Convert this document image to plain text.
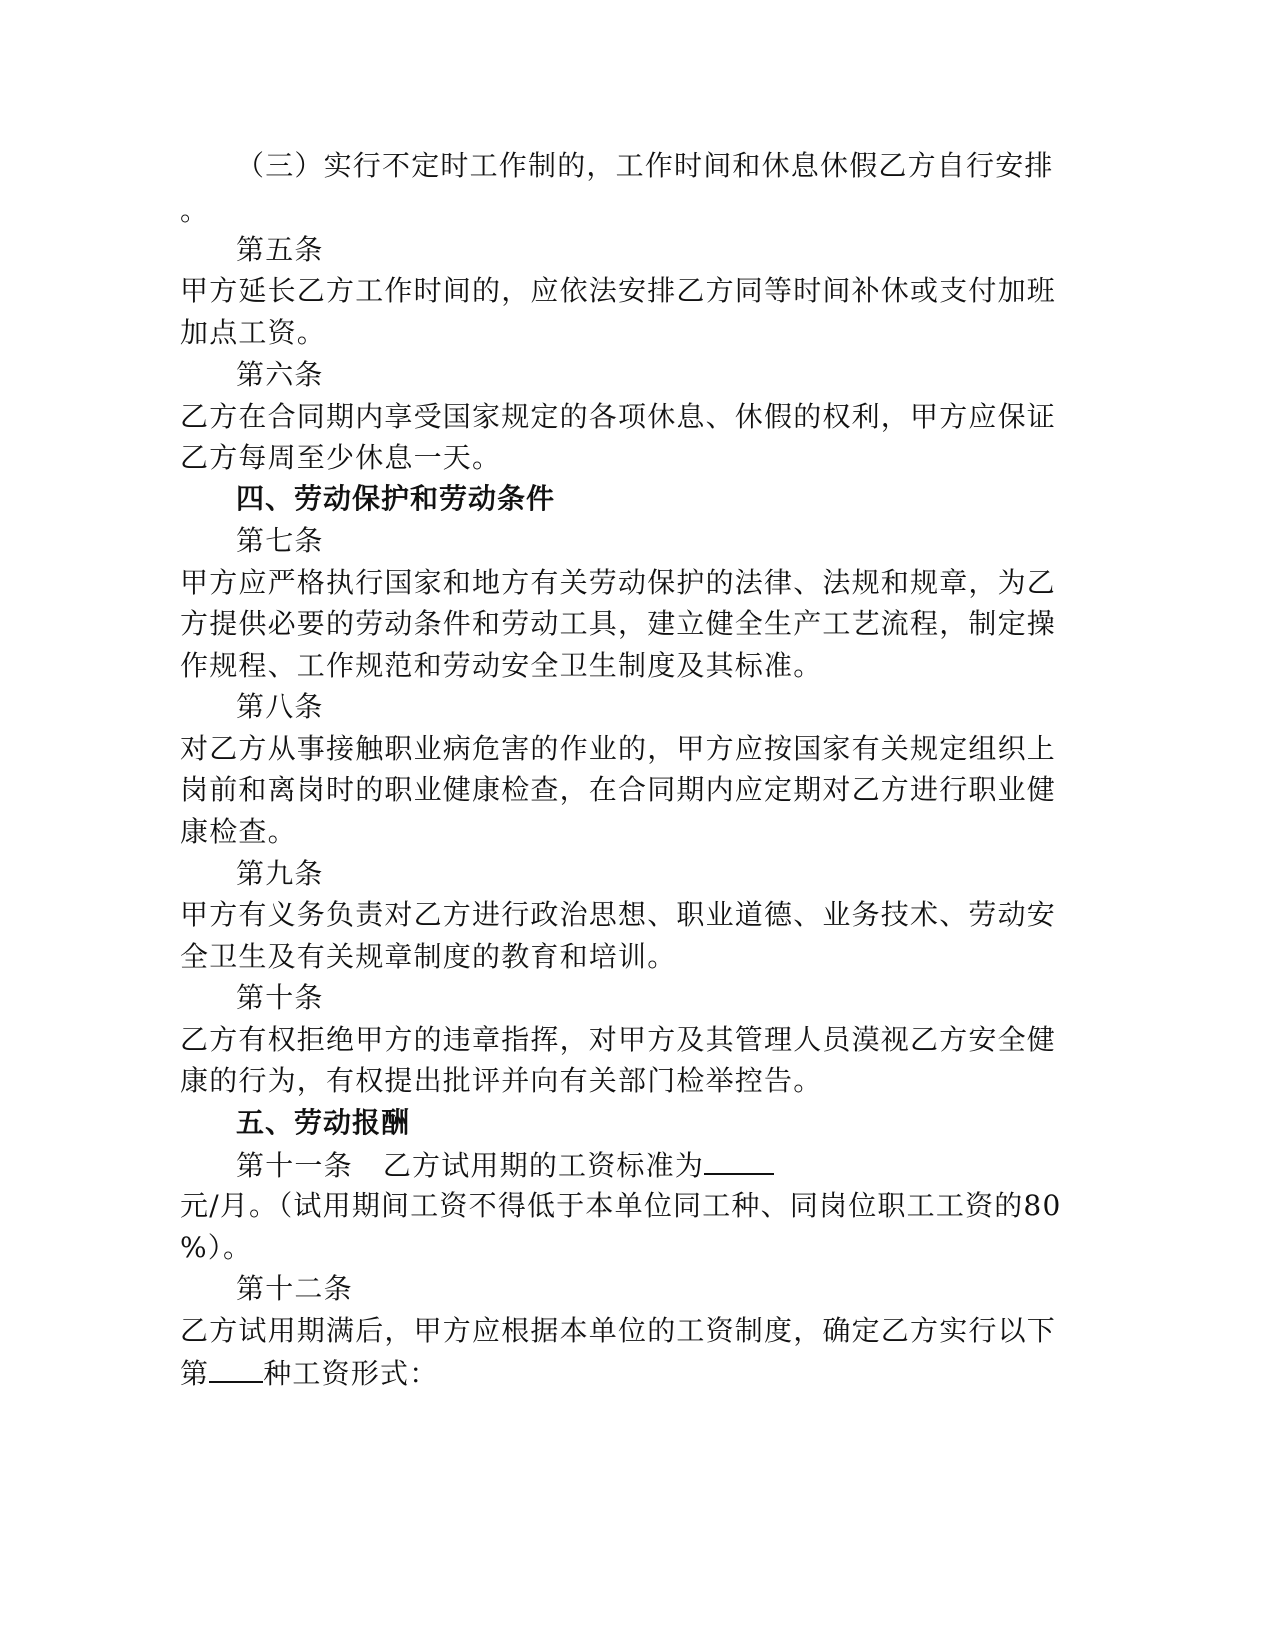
（三）实行不定时工作制的，工作时间和休息休假乙方自行安排
。
第五条
甲方延长乙方工作时间的，应依法安排乙方同等时间补休或支付加班
加点工资。
第六条
乙方在合同期内享受国家规定的各项休息、休假的权利，甲方应保证
乙方每周至少休息一天。
四、劳动保护和劳动条件
第七条
甲方应严格执行国家和地方有关劳动保护的法律、法规和规章，为乙
方提供必要的劳动条件和劳动工具，建立健全生产工艺流程，制定操
作规程、工作规范和劳动安全卫生制度及其标准。
第八条
对乙方从事接触职业病危害的作业的，甲方应按国家有关规定组织上
岗前和离岗时的职业健康检查，在合同期内应定期对乙方进行职业健
康检查。
第九条
甲方有义务负责对乙方进行政治思想、职业道德、业务技术、劳动安
全卫生及有关规章制度的教育和培训。
第十条
乙方有权拒绝甲方的违章指挥，对甲方及其管理人员漠视乙方安全健
康的行为，有权提出批评并向有关部门检举控告。
五、劳动报酬
第十一条 乙方试用期的工资标准为
元/月。（试用期间工资不得低于本单位同工种、同岗位职工工资的80
%）。
第十二条
乙方试用期满后，甲方应根据本单位的工资制度，确定乙方实行以下
第 种工资形式：
